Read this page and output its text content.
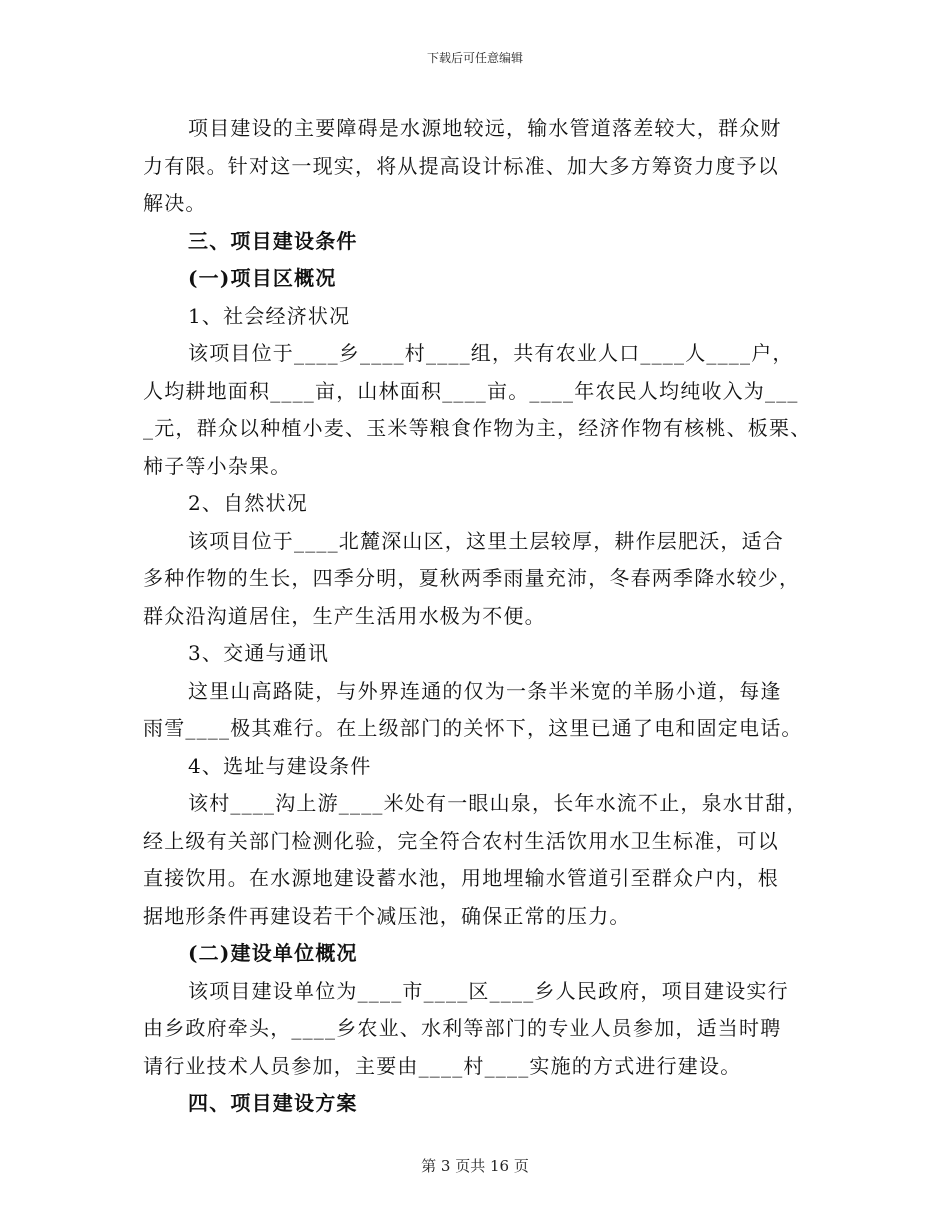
下载后可任意编辑
项目建设的主要障碍是水源地较远，输水管道落差较大，群众财
力有限。针对这一现实，将从提高设计标准、加大多方筹资力度予以
解决。
三、项目建设条件
(一)项目区概况
1、社会经济状况
该项目位于____乡____村____组，共有农业人口____人____户，
人均耕地面积____亩，山林面积____亩。____年农民人均纯收入为___
_元，群众以种植小麦、玉米等粮食作物为主，经济作物有核桃、板栗、
柿子等小杂果。
2、自然状况
该项目位于____北麓深山区，这里土层较厚，耕作层肥沃，适合
多种作物的生长，四季分明，夏秋两季雨量充沛，冬春两季降水较少，
群众沿沟道居住，生产生活用水极为不便。
3、交通与通讯
这里山高路陡，与外界连通的仅为一条半米宽的羊肠小道，每逢
雨雪____极其难行。在上级部门的关怀下，这里已通了电和固定电话。
4、选址与建设条件
该村____沟上游____米处有一眼山泉，长年水流不止，泉水甘甜，
经上级有关部门检测化验，完全符合农村生活饮用水卫生标准，可以
直接饮用。在水源地建设蓄水池，用地埋输水管道引至群众户内，根
据地形条件再建设若干个减压池，确保正常的压力。
(二)建设单位概况
该项目建设单位为____市____区____乡人民政府，项目建设实行
由乡政府牵头，____乡农业、水利等部门的专业人员参加，适当时聘
请行业技术人员参加，主要由____村____实施的方式进行建设。
四、项目建设方案
第 3 页共 16 页
